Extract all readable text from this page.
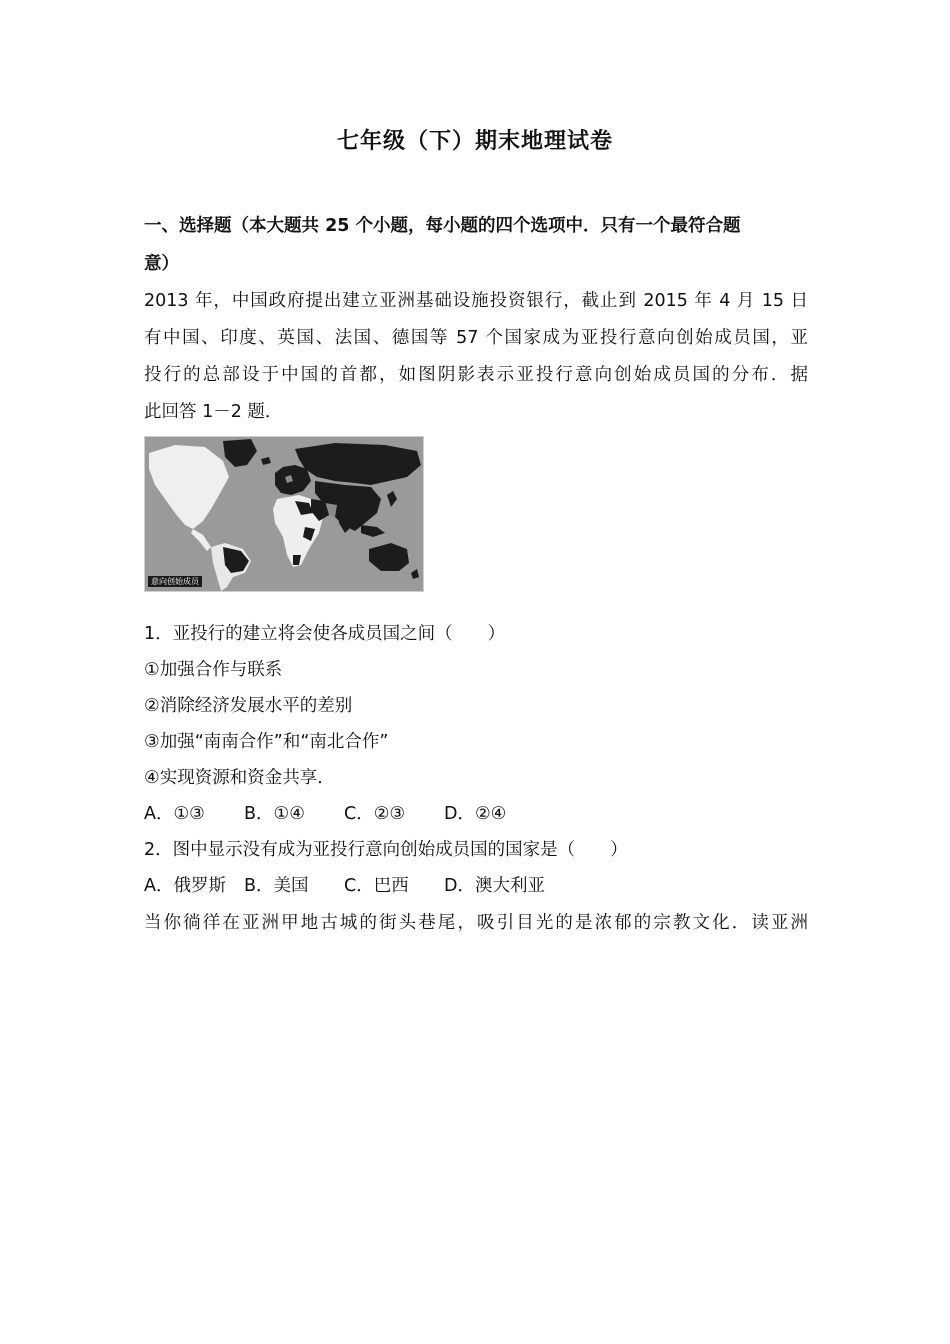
七年级（下）期末地理试卷
一、选择题（本大题共 25 个小题，每小题的四个选项中．只有一个最符合题
意）
2013 年，中国政府提出建立亚洲基础设施投资银行，截止到 2015 年 4 月 15 日
有中国、印度、英国、法国、德国等 57 个国家成为亚投行意向创始成员国，亚
投行的总部设于中国的首都，如图阴影表示亚投行意向创始成员国的分布．据
此回答 1－2 题．
意向创始成员
1．亚投行的建立将会使各成员国之间（　　）
①加强合作与联系
②消除经济发展水平的差别
③加强“南南合作”和“南北合作”
④实现资源和资金共享．
A．①③ B．①④ C．②③ D．②④
2．图中显示没有成为亚投行意向创始成员国的国家是（　　）
A．俄罗斯 B．美国 C．巴西 D．澳大利亚
当你徜徉在亚洲甲地古城的街头巷尾，吸引目光的是浓郁的宗教文化．读亚洲
